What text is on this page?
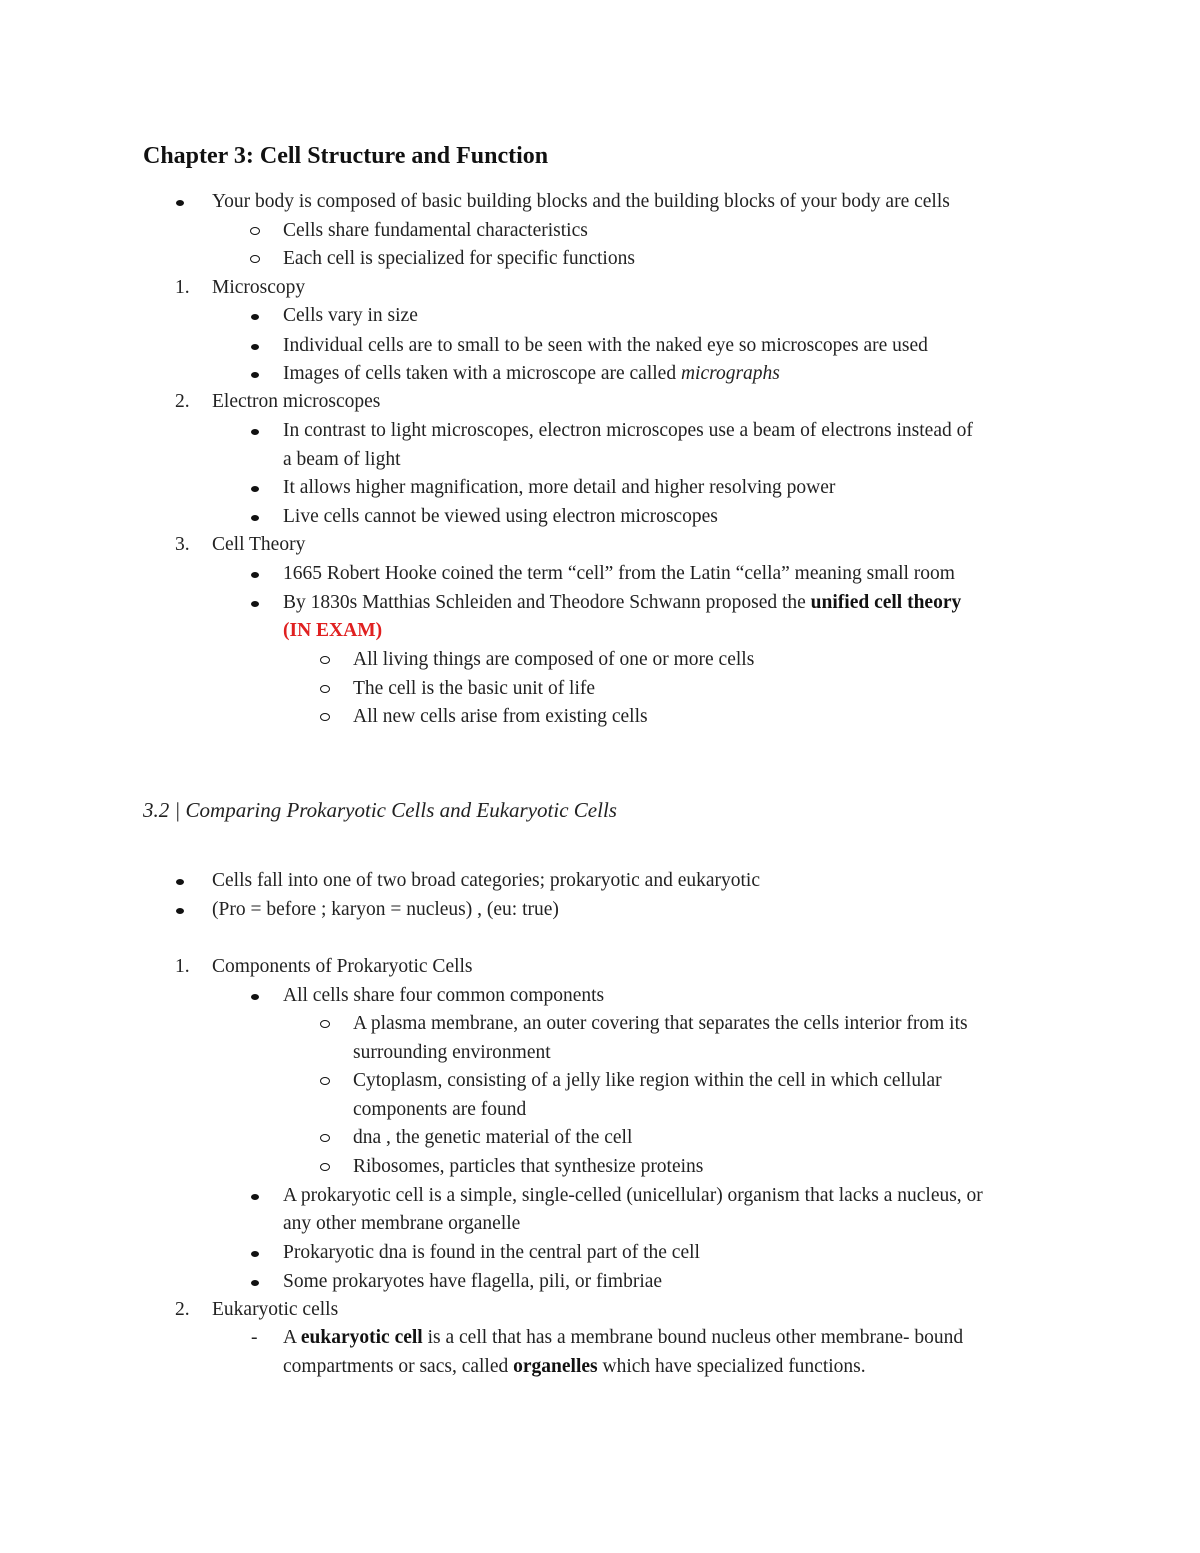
Chapter 3: Cell Structure and Function
Your body is composed of basic building blocks and the building blocks of your body are cells
Cells share fundamental characteristics
Each cell is specialized for specific functions
1. Microscopy
Cells vary in size
Individual cells are to small to be seen with the naked eye so microscopes are used
Images of cells taken with a microscope are called micrographs
2. Electron microscopes
In contrast to light microscopes, electron microscopes use a beam of electrons instead of
a beam of light
It allows higher magnification, more detail and higher resolving power
Live cells cannot be viewed using electron microscopes
3. Cell Theory
1665 Robert Hooke coined the term “cell” from the Latin “cella” meaning small room
By 1830s Matthias Schleiden and Theodore Schwann proposed the unified cell theory
(IN EXAM)
All living things are composed of one or more cells
The cell is the basic unit of life
All new cells arise from existing cells
3.2 | Comparing Prokaryotic Cells and Eukaryotic Cells
Cells fall into one of two broad categories; prokaryotic and eukaryotic
(Pro = before ; karyon = nucleus) , (eu: true)
1. Components of Prokaryotic Cells
All cells share four common components
A plasma membrane, an outer covering that separates the cells interior from its
surrounding environment
Cytoplasm, consisting of a jelly like region within the cell in which cellular
components are found
dna , the genetic material of the cell
Ribosomes, particles that synthesize proteins
A prokaryotic cell is a simple, single-celled (unicellular) organism that lacks a nucleus, or
any other membrane organelle
Prokaryotic dna is found in the central part of the cell
Some prokaryotes have flagella, pili, or fimbriae
2. Eukaryotic cells
- A eukaryotic cell is a cell that has a membrane bound nucleus other membrane- bound
compartments or sacs, called organelles which have specialized functions.
